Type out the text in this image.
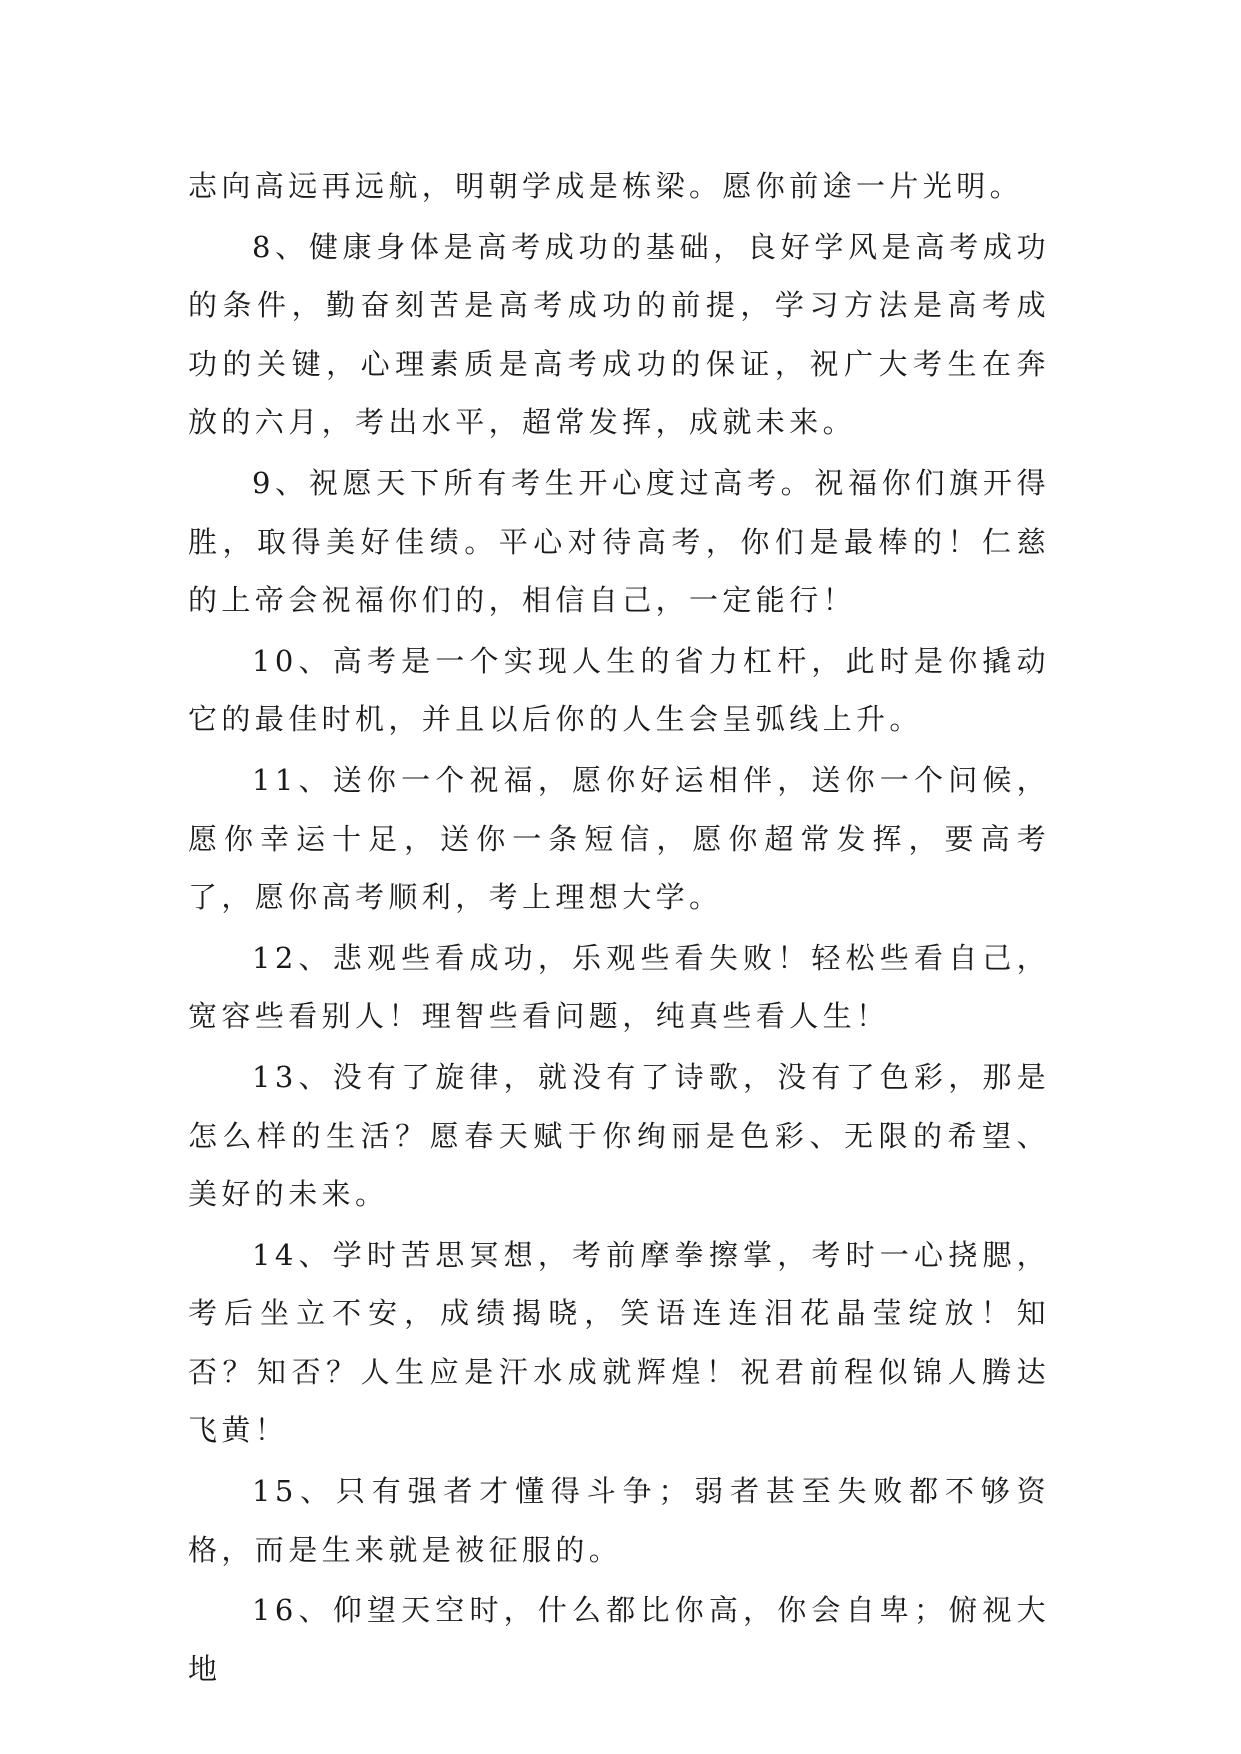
志向高远再远航，明朝学成是栋梁。愿你前途一片光明。

8、健康身体是高考成功的基础，良好学风是高考成功的条件，勤奋刻苦是高考成功的前提，学习方法是高考成功的关键，心理素质是高考成功的保证，祝广大考生在奔放的六月，考出水平，超常发挥，成就未来。

9、祝愿天下所有考生开心度过高考。祝福你们旗开得胜，取得美好佳绩。平心对待高考，你们是最棒的！仁慈的上帝会祝福你们的，相信自己，一定能行！

10、高考是一个实现人生的省力杠杆，此时是你撬动它的最佳时机，并且以后你的人生会呈弧线上升。

11、送你一个祝福，愿你好运相伴，送你一个问候，愿你幸运十足，送你一条短信，愿你超常发挥，要高考了，愿你高考顺利，考上理想大学。

12、悲观些看成功，乐观些看失败！轻松些看自己，宽容些看别人！理智些看问题，纯真些看人生！

13、没有了旋律，就没有了诗歌，没有了色彩，那是怎么样的生活？愿春天赋于你绚丽是色彩、无限的希望、美好的未来。

14、学时苦思冥想，考前摩拳擦掌，考时一心挠腮，考后坐立不安，成绩揭晓，笑语连连泪花晶莹绽放！知否？知否？人生应是汗水成就辉煌！祝君前程似锦人腾达飞黄！

15、只有强者才懂得斗争；弱者甚至失败都不够资格，而是生来就是被征服的。

16、仰望天空时，什么都比你高，你会自卑；俯视大地
